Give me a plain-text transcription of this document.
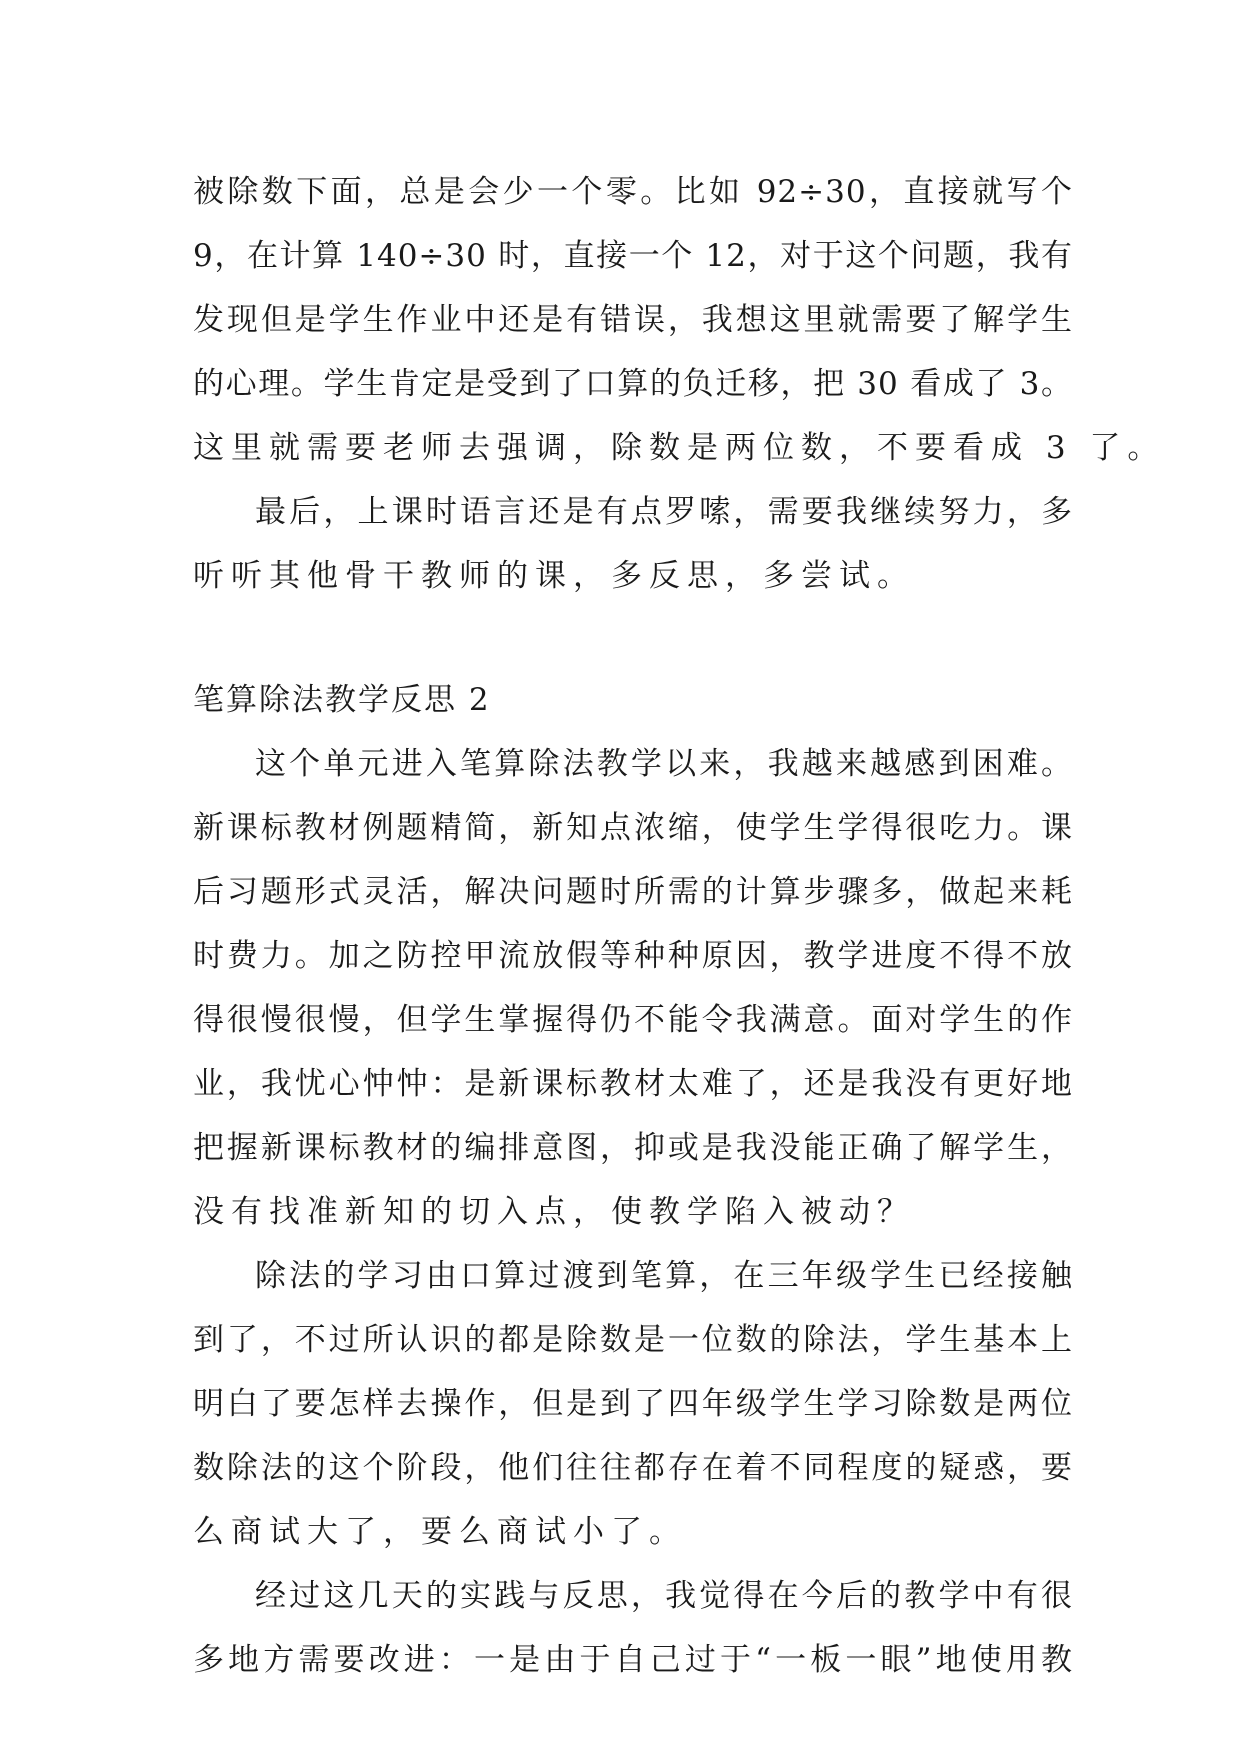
被除数下面，总是会少一个零。比如 92÷30，直接就写个
9，在计算 140÷30 时，直接一个 12，对于这个问题，我有
发现但是学生作业中还是有错误，我想这里就需要了解学生
的心理。学生肯定是受到了口算的负迁移，把 30 看成了 3。
这里就需要老师去强调，除数是两位数，不要看成 3 了。
最后，上课时语言还是有点罗嗦，需要我继续努力，多
听听其他骨干教师的课，多反思，多尝试。
笔算除法教学反思 2
这个单元进入笔算除法教学以来，我越来越感到困难。
新课标教材例题精简，新知点浓缩，使学生学得很吃力。课
后习题形式灵活，解决问题时所需的计算步骤多，做起来耗
时费力。加之防控甲流放假等种种原因，教学进度不得不放
得很慢很慢，但学生掌握得仍不能令我满意。面对学生的作
业，我忧心忡忡：是新课标教材太难了，还是我没有更好地
把握新课标教材的编排意图，抑或是我没能正确了解学生，
没有找准新知的切入点，使教学陷入被动？
除法的学习由口算过渡到笔算，在三年级学生已经接触
到了，不过所认识的都是除数是一位数的除法，学生基本上
明白了要怎样去操作，但是到了四年级学生学习除数是两位
数除法的这个阶段，他们往往都存在着不同程度的疑惑，要
么商试大了，要么商试小了。
经过这几天的实践与反思，我觉得在今后的教学中有很
多地方需要改进：一是由于自己过于“一板一眼”地使用教
